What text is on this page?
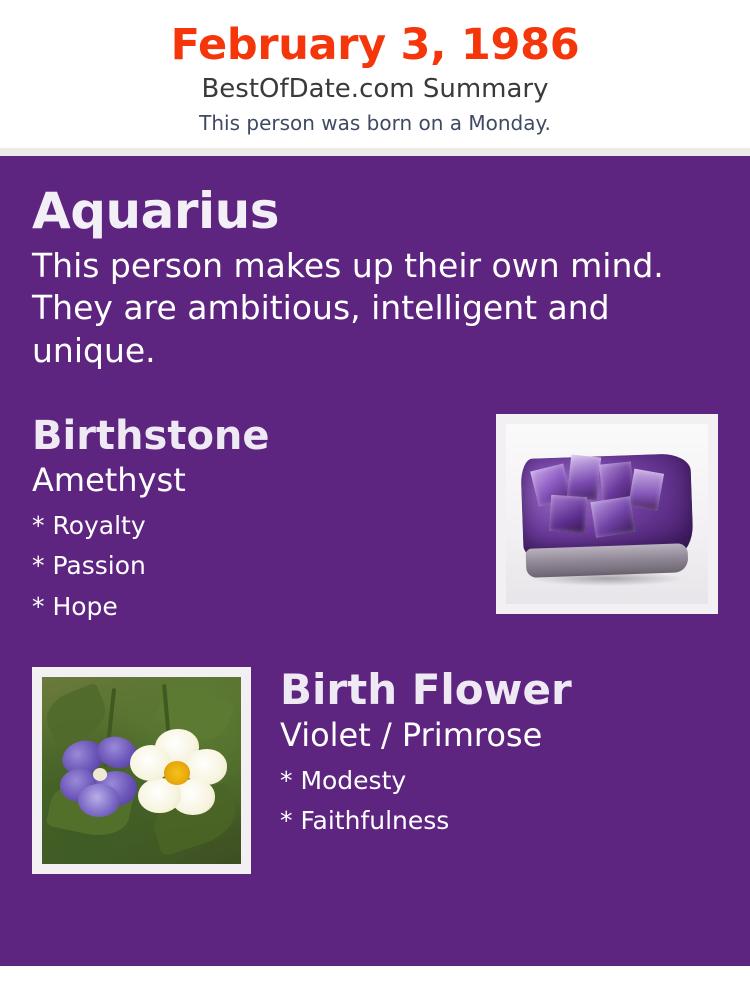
February 3, 1986
BestOfDate.com Summary
This person was born on a Monday.
Aquarius
This person makes up their own mind. They are ambitious, intelligent and unique.
Birthstone
Amethyst
* Royalty
* Passion
* Hope
Birth Flower
Violet / Primrose
* Modesty
* Faithfulness
